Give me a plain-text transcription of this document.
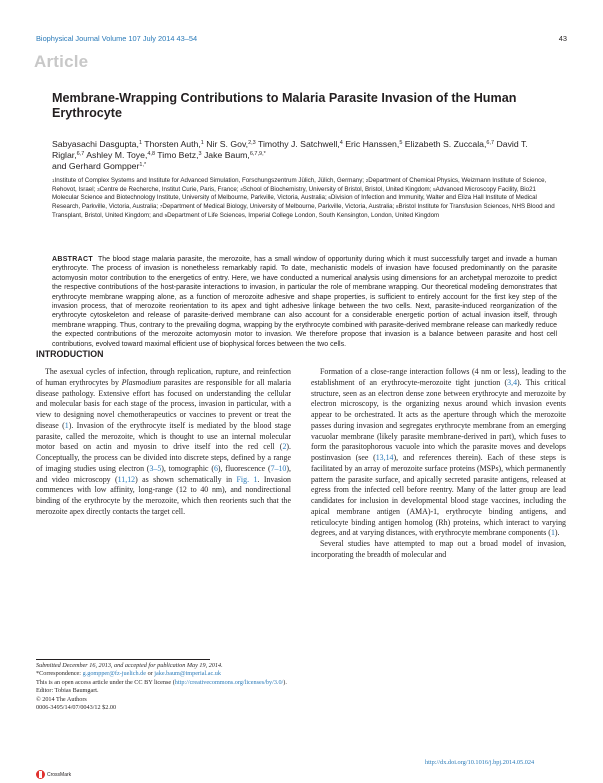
Biophysical Journal Volume 107 July 2014 43–54	43
Article
Membrane-Wrapping Contributions to Malaria Parasite Invasion of the Human Erythrocyte
Sabyasachi Dasgupta,$^1$ Thorsten Auth,$^1$ Nir S. Gov,$^{2,3}$ Timothy J. Satchwell,$^4$ Eric Hanssen,$^5$ Elizabeth S. Zuccala,$^{6,7}$ David T. Riglar,$^{6,7}$ Ashley M. Toye,$^{4,8}$ Timo Betz,$^3$ Jake Baum,$^{6,7,9,*}$
and Gerhard Gompper$^{1,*}$
$^1$Institute of Complex Systems and Institute for Advanced Simulation, Forschungszentrum Jülich, Jülich, Germany; $^2$Department of Chemical Physics, Weizmann Institute of Science, Rehovot, Israel; $^3$Centre de Recherche, Institut Curie, Paris, France; $^4$School of Biochemistry, University of Bristol, Bristol, United Kingdom; $^5$Advanced Microscopy Facility, Bio21 Molecular Science and Biotechnology Institute, University of Melbourne, Parkville, Victoria, Australia; $^6$Division of Infection and Immunity, Walter and Eliza Hall Institute of Medical Research, Parkville, Victoria, Australia; $^7$Department of Medical Biology, University of Melbourne, Parkville, Victoria, Australia; $^8$Bristol Institute for Transfusion Sciences, NHS Blood and Transplant, Bristol, United Kingdom; and $^9$Department of Life Sciences, Imperial College London, South Kensington, London, United Kingdom
ABSTRACT The blood stage malaria parasite, the merozoite, has a small window of opportunity during which it must successfully target and invade a human erythrocyte. The process of invasion is nonetheless remarkably rapid. To date, mechanistic models of invasion have focused predominantly on the parasite actomyosin motor contribution to the energetics of entry. Here, we have conducted a numerical analysis using dimensions for an archetypal merozoite to predict the respective contributions of the host-parasite interactions to invasion, in particular the role of membrane wrapping. Our theoretical modeling demonstrates that erythrocyte membrane wrapping alone, as a function of merozoite adhesive and shape properties, is sufficient to entirely account for the first key step of the invasion process, that of merozoite reorientation to its apex and tight adhesive linkage between the two cells. Next, parasite-induced reorganization of the erythrocyte cytoskeleton and release of parasite-derived membrane can also account for a considerable energetic portion of actual invasion itself, through membrane wrapping. Thus, contrary to the prevailing dogma, wrapping by the erythrocyte combined with parasite-derived membrane release can markedly reduce the expected contributions of the merozoite actomyosin motor to invasion. We therefore propose that invasion is a balance between parasite and host cell contributions, evolved toward maximal efficient use of biophysical forces between the two cells.
INTRODUCTION
The asexual cycles of infection, through replication, rupture, and reinfection of human erythrocytes by Plasmodium parasites are responsible for all malaria disease pathology. Extensive effort has focused on understanding the cellular and molecular basis for each stage of the process, invasion in particular, with a view to designing novel chemotherapeutics or vaccines to prevent or treat the disease (1). Invasion of the erythrocyte itself is mediated by the blood stage parasite, called the merozoite, which is thought to use an internal molecular motor based on actin and myosin to drive itself into the red cell (2). Conceptually, the process can be divided into discrete steps, defined by a range of imaging studies using electron (3–5), tomographic (6), fluorescence (7–10), and video microscopy (11,12) as shown schematically in Fig. 1. Invasion commences with low affinity, long-range (12 to 40 nm), and nondirectional binding of the erythrocyte by the merozoite, which then reorients such that the merozoite apex directly contacts the target cell.
Formation of a close-range interaction follows (4 nm or less), leading to the establishment of an erythrocyte-merozoite tight junction (3,4). This critical structure, seen as an electron dense zone between erythrocyte and merozoite by electron microscopy, is the organizing nexus around which invasion events appear to be orchestrated. It acts as the aperture through which the merozoite passes during invasion and segregates erythrocyte membrane from an emerging vacuolar membrane (likely parasite membrane-derived in part), which fuses to form the parasitophorous vacuole into which the parasite moves and develops postinvasion (see (13,14), and references therein). Each of these steps is facilitated by an array of merozoite surface proteins (MSPs), which permanently pattern the parasite surface, and apically secreted parasite antigens, released at egress from the infected cell before reentry. Many of the latter group are lead candidates for inclusion in developmental blood stage vaccines, including the apical membrane antigen (AMA)-1, erythrocyte binding antigens, and reticulocyte binding antigen homolog (Rh) proteins, which interact to varying degrees, and at varying distances, with erythrocyte membrane components (1).
Several studies have attempted to map out a broad model of invasion, incorporating the breadth of molecular and
Submitted December 16, 2013, and accepted for publication May 19, 2014.
*Correspondence: g.gompper@fz-juelich.de or jake.baum@imperial.ac.uk
This is an open access article under the CC BY license (http://creativecommons.org/licenses/by/3.0/).
Editor: Tobias Baumgart.
© 2014 The Authors
0006-3495/14/07/0043/12 $2.00
http://dx.doi.org/10.1016/j.bpj.2014.05.024
CrossMark
